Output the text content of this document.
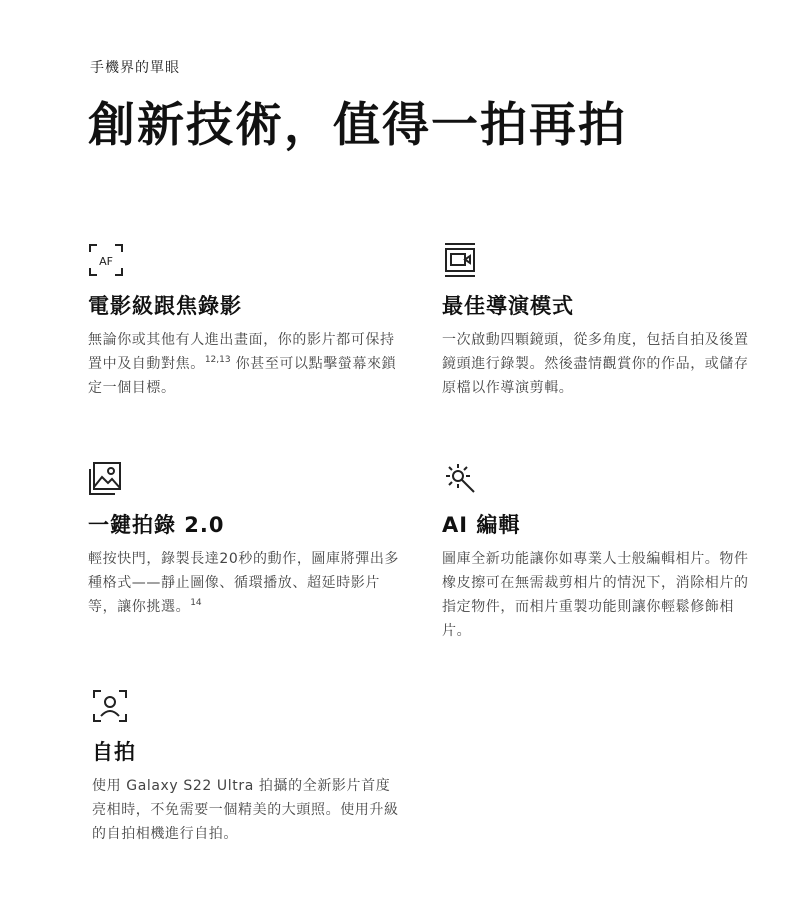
手機界的單眼
創新技術，值得一拍再拍
AF
電影級跟焦錄影

無論你或其他有人進出畫面，你的影片都可保持置中及自動對焦。$^{12,13}$ 你甚至可以點擊螢幕來鎖定一個目標。

最佳導演模式

一次啟動四顆鏡頭，從多角度，包括自拍及後置鏡頭進行錄製。然後盡情觀賞你的作品，或儲存原檔以作導演剪輯。

一鍵拍錄 2.0

輕按快門，錄製長達20秒的動作，圖庫將彈出多種格式——靜止圖像、循環播放、超延時影片等，讓你挑選。$^{14}$

AI 編輯

圖庫全新功能讓你如專業人士般編輯相片。物件橡皮擦可在無需裁剪相片的情況下，消除相片的指定物件，而相片重製功能則讓你輕鬆修飾相片。

自拍

使用 Galaxy S22 Ultra 拍攝的全新影片首度亮相時，不免需要一個精美的大頭照。使用升級的自拍相機進行自拍。
